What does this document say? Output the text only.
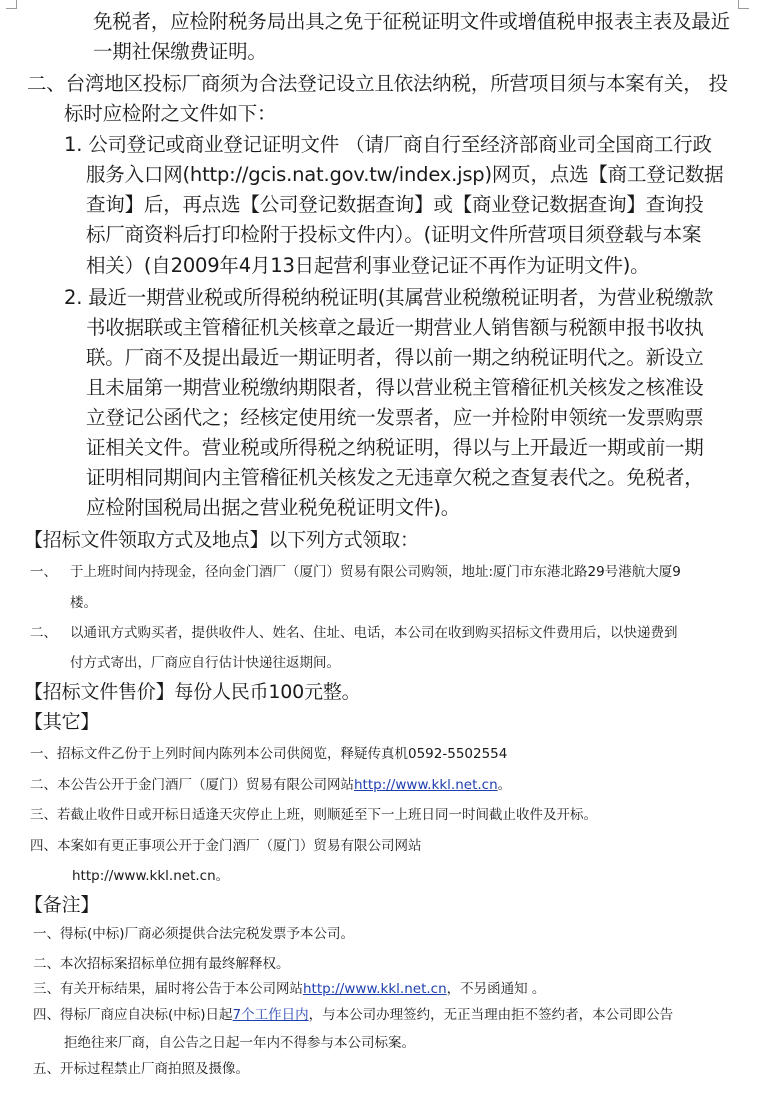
免税者，应检附税务局出具之免于征税证明文件或增值税申报表主表及最近

一期社保缴费证明。

二、台湾地区投标厂商须为合法登记设立且依法纳税，所营项目须与本案有关， 投

标时应检附之文件如下：

1. 公司登记或商业登记证明文件 （请厂商自行至经济部商业司全国商工行政

服务入口网(http://gcis.nat.gov.tw/index.jsp)网页，点选【商工登记数据

查询】后，再点选【公司登记数据查询】或【商业登记数据查询】查询投

标厂商资料后打印检附于投标文件内）。(证明文件所营项目须登载与本案

相关）(自2009年4月13日起营利事业登记证不再作为证明文件)。

2. 最近一期营业税或所得税纳税证明(其属营业税缴税证明者，为营业税缴款

书收据联或主管稽征机关核章之最近一期营业人销售额与税额申报书收执

联。厂商不及提出最近一期证明者，得以前一期之纳税证明代之。新设立

且未届第一期营业税缴纳期限者，得以营业税主管稽征机关核发之核准设

立登记公函代之；经核定使用统一发票者，应一并检附申领统一发票购票

证相关文件。营业税或所得税之纳税证明，得以与上开最近一期或前一期

证明相同期间内主管稽征机关核发之无违章欠税之查复表代之。免税者，

应检附国税局出据之营业税免税证明文件)。

【招标文件领取方式及地点】以下列方式领取：

一、 于上班时间内持现金，径向金门酒厂（厦门）贸易有限公司购领，地址:厦门市东港北路29号港航大厦9

楼。

二、 以通讯方式购买者，提供收件人、姓名、住址、电话，本公司在收到购买招标文件费用后，以快递费到

付方式寄出，厂商应自行估计快递往返期间。

【招标文件售价】每份人民币100元整。

【其它】

一、招标文件乙份于上列时间内陈列本公司供阅览，释疑传真机0592-5502554

二、本公告公开于金门酒厂（厦门）贸易有限公司网站http://www.kkl.net.cn。

三、若截止收件日或开标日适逢天灾停止上班，则顺延至下一上班日同一时间截止收件及开标。

四、本案如有更正事项公开于金门酒厂（厦门）贸易有限公司网站

http://www.kkl.net.cn。

【备注】

一、得标(中标)厂商必须提供合法完税发票予本公司。

二、本次招标案招标单位拥有最终解释权。

三、有关开标结果，届时将公告于本公司网站http://www.kkl.net.cn，不另函通知 。

四、得标厂商应自决标(中标)日起7个工作日内，与本公司办理签约，无正当理由拒不签约者，本公司即公告

拒绝往来厂商，自公告之日起一年内不得参与本公司标案。

五、开标过程禁止厂商拍照及摄像。
